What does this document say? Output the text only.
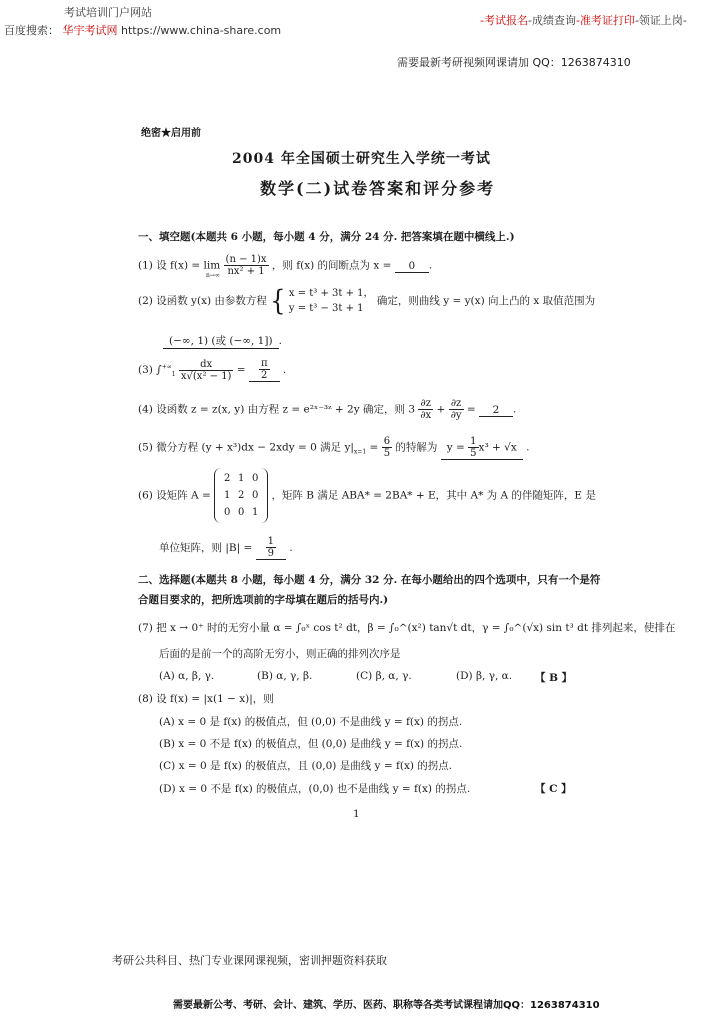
考试培训门户网站
百度搜索： 华宇考试网 https://www.china-share.com
-考试报名-成绩查询-准考证打印-领证上岗-
需要最新考研视频网课请加 QQ：1263874310
绝密★启用前
2004 年全国硕士研究生入学统一考试
数学(二)试卷答案和评分参考
一、填空题(本题共 6 小题，每小题 4 分，满分 24 分. 把答案填在题中横线上.)
(1) 设 $f(x) = \lim \frac{(n - 1)x}{\text{nx² + 1}}$ ，则 f(x) 的间断点为 x = 0 .
n→∞
(2) 设函数 y(x) 由参数方程 { x = t³ + 3t + 1，
y = t³ − 3t + 1
确定，则曲线 y = y(x) 向上凸的 x 取值范围为
(−∞, 1) (或 (−∞, 1]) .
(3) $\int^{+\infty}_1 \frac{dx}{\text{x√(x² − 1)}} = \frac{\pi}{2}$ .
(4) 设函数 z = z(x, y) 由方程 z = e²ˣ⁻³ᶻ + 2y 确定，则 $3 \frac{\partial z}{\partial x} + \frac{\partial z}{\partial y} = 2$ .
(5) 微分方程 (y + x³)dx − 2xdy = 0 满足 $y|_{x=1} = \frac{6}{5}$ 的特解为 $y = \frac{1}{5} x^3 + √x$ .
(6) 设矩阵 A = 2 1 0
1 2 0
0 0 1 ，矩阵 B 满足 ABA* = 2BA* + E，其中 A* 为 A 的伴随矩阵，E 是
单位矩阵，则 $|B| = \frac{1}{9}$ .
二、选择题(本题共 8 小题，每小题 4 分，满分 32 分. 在每小题给出的四个选项中，只有一个是符
合题目要求的，把所选项前的字母填在题后的括号内.)
(7) 把 x → 0⁺ 时的无穷小量 α = ∫₀ˣ cos t² dt，β = ∫₀^(x²) tan√t dt，γ = ∫₀^(√x) sin t³ dt 排列起来，使排在
后面的是前一个的高阶无穷小，则正确的排列次序是
(A) α, β, γ.	(B) α, γ, β.	(C) β, α, γ.	(D) β, γ, α. 【 B 】
(8) 设 f(x) = |x(1 − x)|，则
(A) x = 0 是 f(x) 的极值点，但 (0,0) 不是曲线 y = f(x) 的拐点.
(B) x = 0 不是 f(x) 的极值点，但 (0,0) 是曲线 y = f(x) 的拐点.
(C) x = 0 是 f(x) 的极值点，且 (0,0) 是曲线 y = f(x) 的拐点.
(D) x = 0 不是 f(x) 的极值点，(0,0) 也不是曲线 y = f(x) 的拐点.	【 C 】
1
考研公共科目、热门专业课网课视频，密训押题资料获取
需要最新公考、考研、会计、建筑、学历、医药、职称等各类考试课程请加QQ：1263874310
